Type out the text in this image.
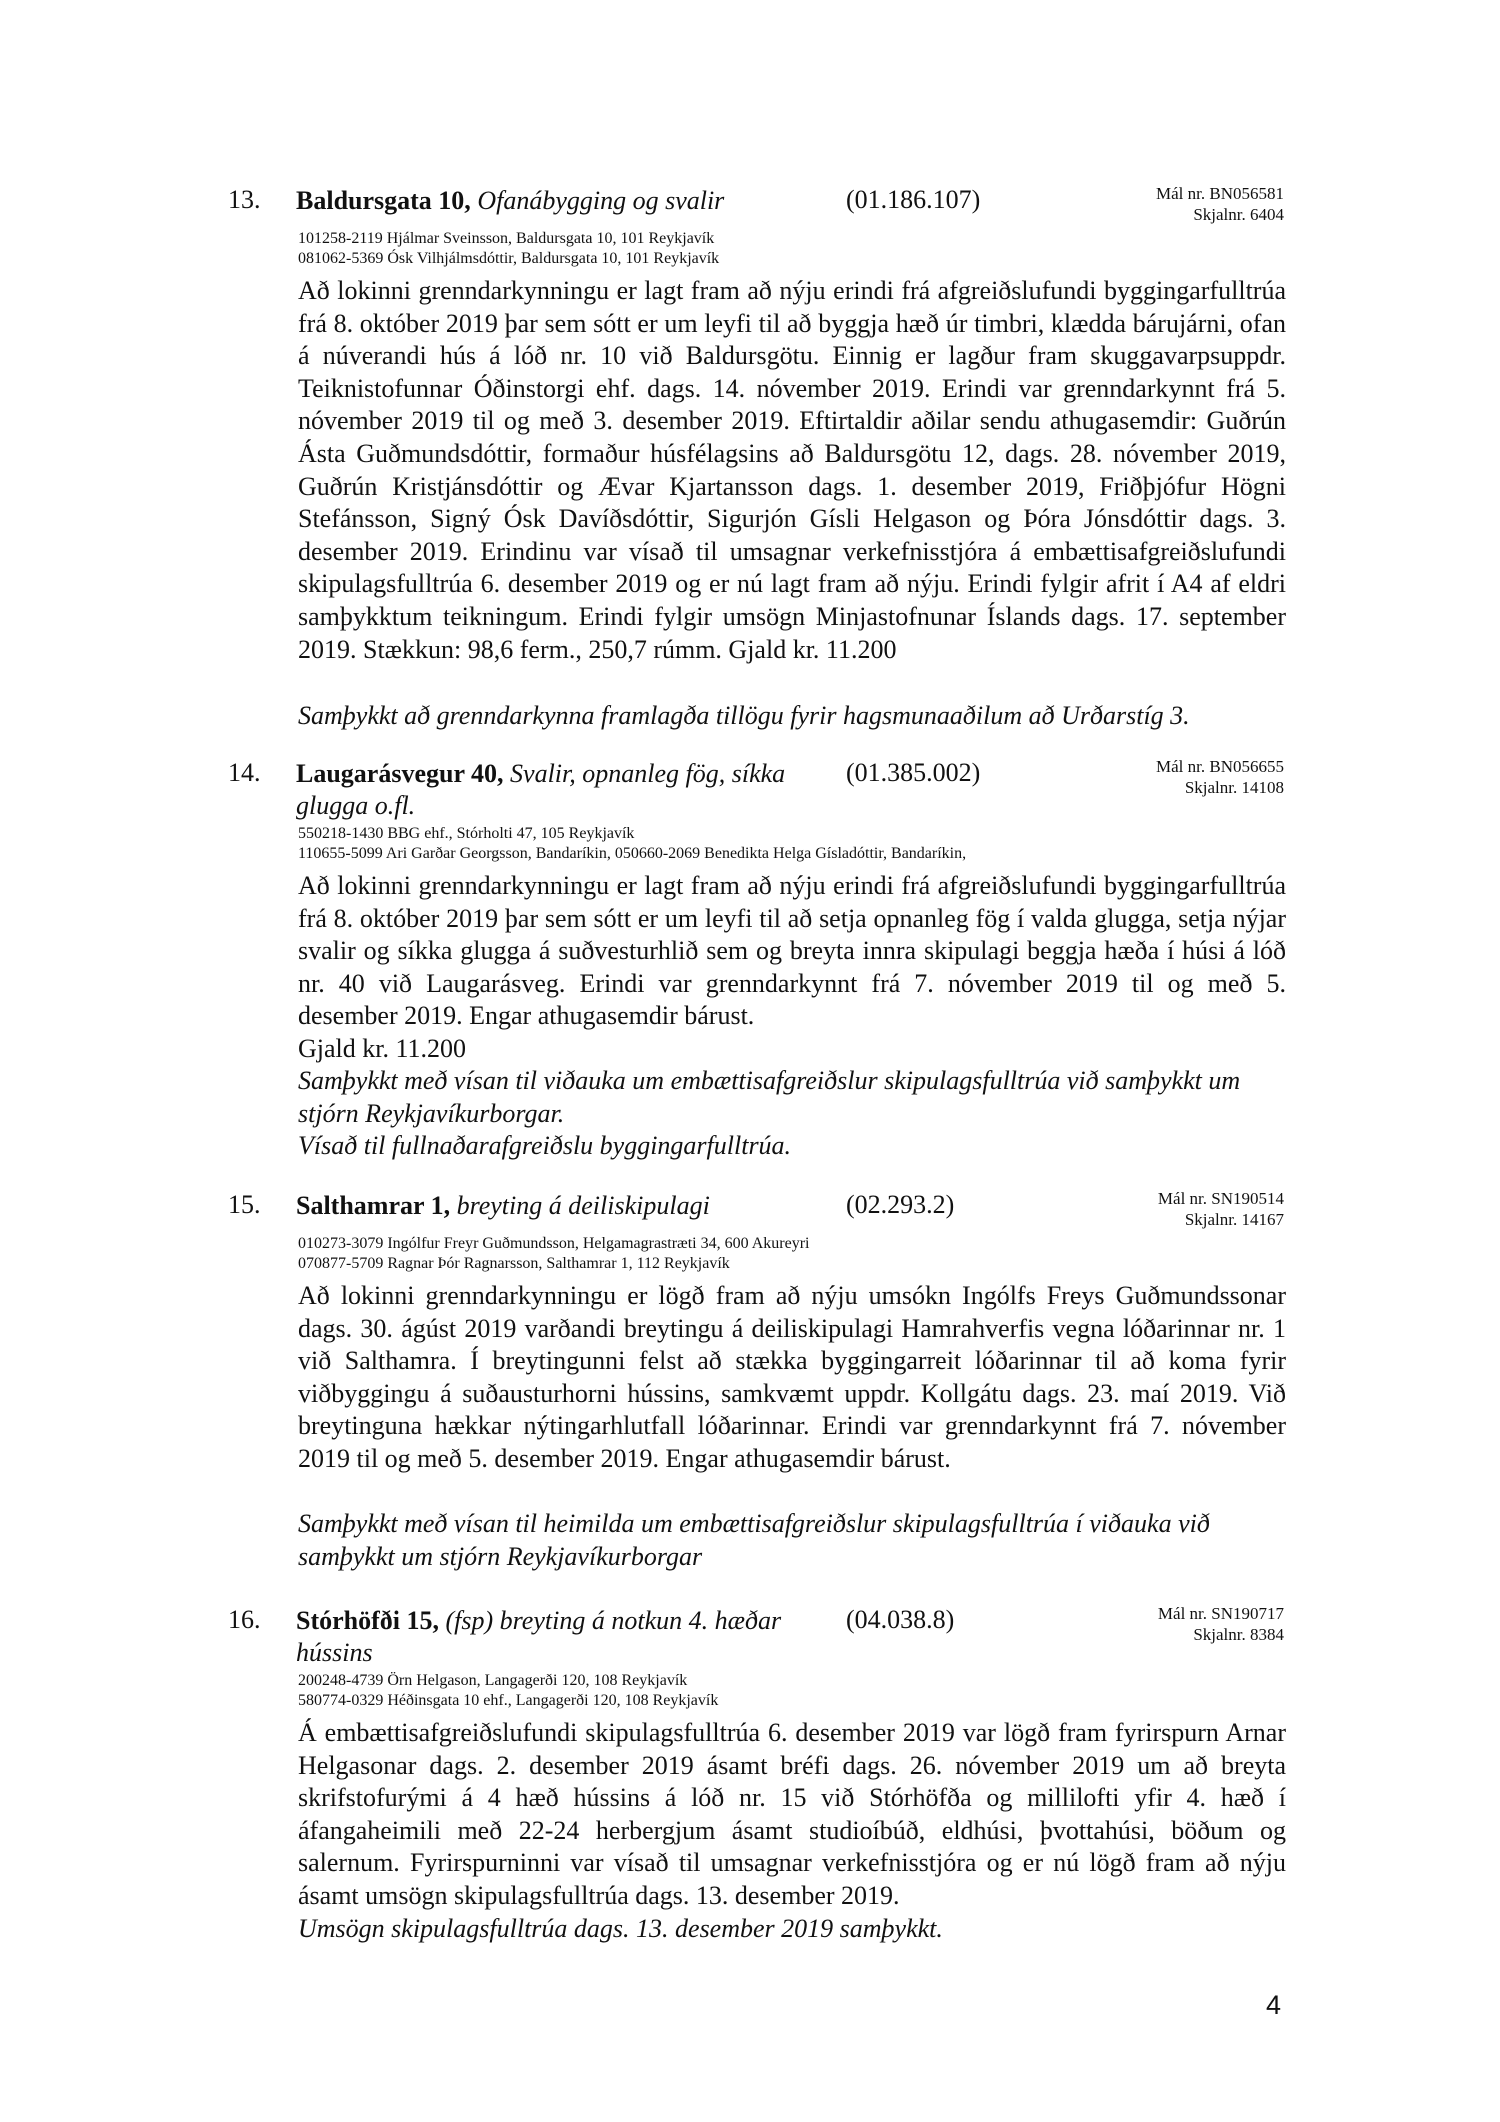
13. Baldursgata 10, Ofanábygging og svalir	(01.186.107)	Mál nr. BN056581
Skjalnr. 6404
101258-2119 Hjálmar Sveinsson, Baldursgata 10, 101 Reykjavík
081062-5369 Ósk Vilhjálmsdóttir, Baldursgata 10, 101 Reykjavík
Að lokinni grenndarkynningu er lagt fram að nýju erindi frá afgreiðslufundi byggingarfulltrúa frá 8. október 2019 þar sem sótt er um leyfi til að byggja hæð úr timbri, klædda bárujárni, ofan á núverandi hús á lóð nr. 10 við Baldursgötu. Einnig er lagður fram skuggavarpsuppdr. Teiknistofunnar Óðinstorgi ehf. dags. 14. nóvember 2019. Erindi var grenndarkynnt frá 5. nóvember 2019 til og með 3. desember 2019. Eftirtaldir aðilar sendu athugasemdir: Guðrún Ásta Guðmundsdóttir, formaður húsfélagsins að Baldursgötu 12, dags. 28. nóvember 2019, Guðrún Kristjánsdóttir og Ævar Kjartansson dags. 1. desember 2019, Friðþjófur Högni Stefánsson, Signý Ósk Davíðsdóttir, Sigurjón Gísli Helgason og Þóra Jónsdóttir dags. 3. desember 2019. Erindinu var vísað til umsagnar verkefnisstjóra á embættisafgreiðslufundi skipulagsfulltrúa 6. desember 2019 og er nú lagt fram að nýju. Erindi fylgir afrit í A4 af eldri samþykktum teikningum. Erindi fylgir umsögn Minjastofnunar Íslands dags. 17. september 2019. Stækkun: 98,6 ferm., 250,7 rúmm. Gjald kr. 11.200
Samþykkt að grenndarkynna framlagða tillögu fyrir hagsmunaaðilum að Urðarstíg 3.
14. Laugarásvegur 40, Svalir, opnanleg fög, síkka glugga o.fl.
(01.385.002)	Mál nr. BN056655
Skjalnr. 14108
550218-1430 BBG ehf., Stórholti 47, 105 Reykjavík
110655-5099 Ari Garðar Georgsson, Bandaríkin, 050660-2069 Benedikta Helga Gísladóttir, Bandaríkin,
Að lokinni grenndarkynningu er lagt fram að nýju erindi frá afgreiðslufundi byggingarfulltrúa frá 8. október 2019 þar sem sótt er um leyfi til að setja opnanleg fög í valda glugga, setja nýjar svalir og síkka glugga á suðvesturhlið sem og breyta innra skipulagi beggja hæða í húsi á lóð nr. 40 við Laugarásveg. Erindi var grenndarkynnt frá 7. nóvember 2019 til og með 5. desember 2019. Engar athugasemdir bárust.
Gjald kr. 11.200
Samþykkt með vísan til viðauka um embættisafgreiðslur skipulagsfulltrúa við samþykkt um stjórn Reykjavíkurborgar.
Vísað til fullnaðarafgreiðslu byggingarfulltrúa.
15. Salthamrar 1, breyting á deiliskipulagi	(02.293.2)	Mál nr. SN190514
Skjalnr. 14167
010273-3079 Ingólfur Freyr Guðmundsson, Helgamagrastræti 34, 600 Akureyri
070877-5709 Ragnar Þór Ragnarsson, Salthamrar 1, 112 Reykjavík
Að lokinni grenndarkynningu er lögð fram að nýju umsókn Ingólfs Freys Guðmundssonar dags. 30. ágúst 2019 varðandi breytingu á deiliskipulagi Hamrahverfis vegna lóðarinnar nr. 1 við Salthamra. Í breytingunni felst að stækka byggingarreit lóðarinnar til að koma fyrir viðbyggingu á suðausturhorni hússins, samkvæmt uppdr. Kollgátu dags. 23. maí 2019. Við breytinguna hækkar nýtingarhlutfall lóðarinnar. Erindi var grenndarkynnt frá 7. nóvember 2019 til og með 5. desember 2019. Engar athugasemdir bárust.
Samþykkt með vísan til heimilda um embættisafgreiðslur skipulagsfulltrúa í viðauka við samþykkt um stjórn Reykjavíkurborgar
16. Stórhöfði 15, (fsp) breyting á notkun 4. hæðar hússins
(04.038.8)	Mál nr. SN190717
Skjalnr. 8384
200248-4739 Örn Helgason, Langagerði 120, 108 Reykjavík
580774-0329 Héðinsgata 10 ehf., Langagerði 120, 108 Reykjavík
Á embættisafgreiðslufundi skipulagsfulltrúa 6. desember 2019 var lögð fram fyrirspurn Arnar Helgasonar dags. 2. desember 2019 ásamt bréfi dags. 26. nóvember 2019 um að breyta skrifstofurými á 4 hæð hússins á lóð nr. 15 við Stórhöfða og millilofti yfir 4. hæð í áfangaheimili með 22-24 herbergjum ásamt studioíbúð, eldhúsi, þvottahúsi, böðum og salernum. Fyrirspurninni var vísað til umsagnar verkefnisstjóra og er nú lögð fram að nýju ásamt umsögn skipulagsfulltrúa dags. 13. desember 2019.
Umsögn skipulagsfulltrúa dags. 13. desember 2019 samþykkt.
4
